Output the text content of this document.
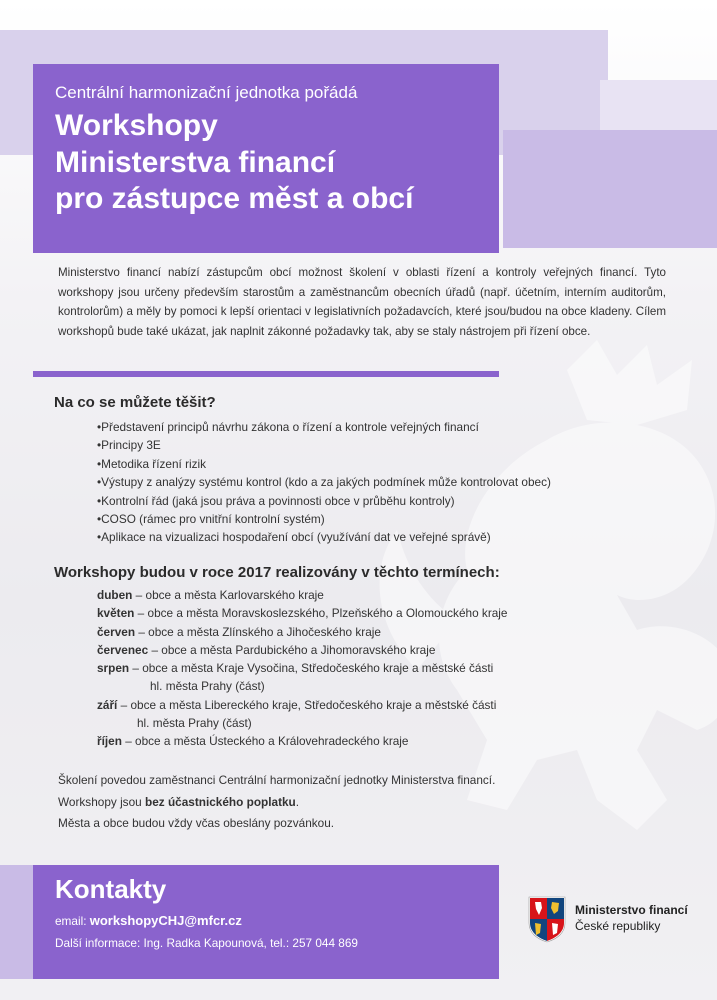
Centrální harmonizační jednotka pořádá
Workshopy
Ministerstva financí
pro zástupce měst a obcí
Ministerstvo financí nabízí zástupcům obcí možnost školení v oblasti řízení a kontroly veřejných financí. Tyto workshopy jsou určeny především starostům a zaměstnancům obecních úřadů (např. účetním, interním auditorům, kontrolorům) a měly by pomoci k lepší orientaci v legislativních požadavcích, které jsou/budou na obce kladeny. Cílem workshopů bude také ukázat, jak naplnit zákonné požadavky tak, aby se staly nástrojem při řízení obce.
Na co se můžete těšit?
• Představení principů návrhu zákona o řízení a kontrole veřejných financí
• Principy 3E
• Metodika řízení rizik
• Výstupy z analýzy systému kontrol (kdo a za jakých podmínek může kontrolovat obec)
• Kontrolní řád (jaká jsou práva a povinnosti obce v průběhu kontroly)
• COSO (rámec pro vnitřní kontrolní systém)
• Aplikace na vizualizaci hospodaření obcí (využívání dat ve veřejné správě)
Workshopy budou v roce 2017 realizovány v těchto termínech:
duben – obce a města Karlovarského kraje
květen – obce a města Moravskoslezského, Plzeňského a Olomouckého kraje
červen – obce a města Zlínského a Jihočeského kraje
červenec – obce a města Pardubického a Jihomoravského kraje
srpen – obce a města Kraje Vysočina, Středočeského kraje a městské části
hl. města Prahy (část)
září – obce a města Libereckého kraje, Středočeského kraje a městské části
hl. města Prahy (část)
říjen – obce a města Ústeckého a Královehradeckého kraje
Školení povedou zaměstnanci Centrální harmonizační jednotky Ministerstva financí.
Workshopy jsou bez účastnického poplatku.
Města a obce budou vždy včas obeslány pozvánkou.
Kontakty
email: workshopyCHJ@mfcr.cz
Další informace: Ing. Radka Kapounová, tel.: 257 044 869
Ministerstvo financí
České republiky
